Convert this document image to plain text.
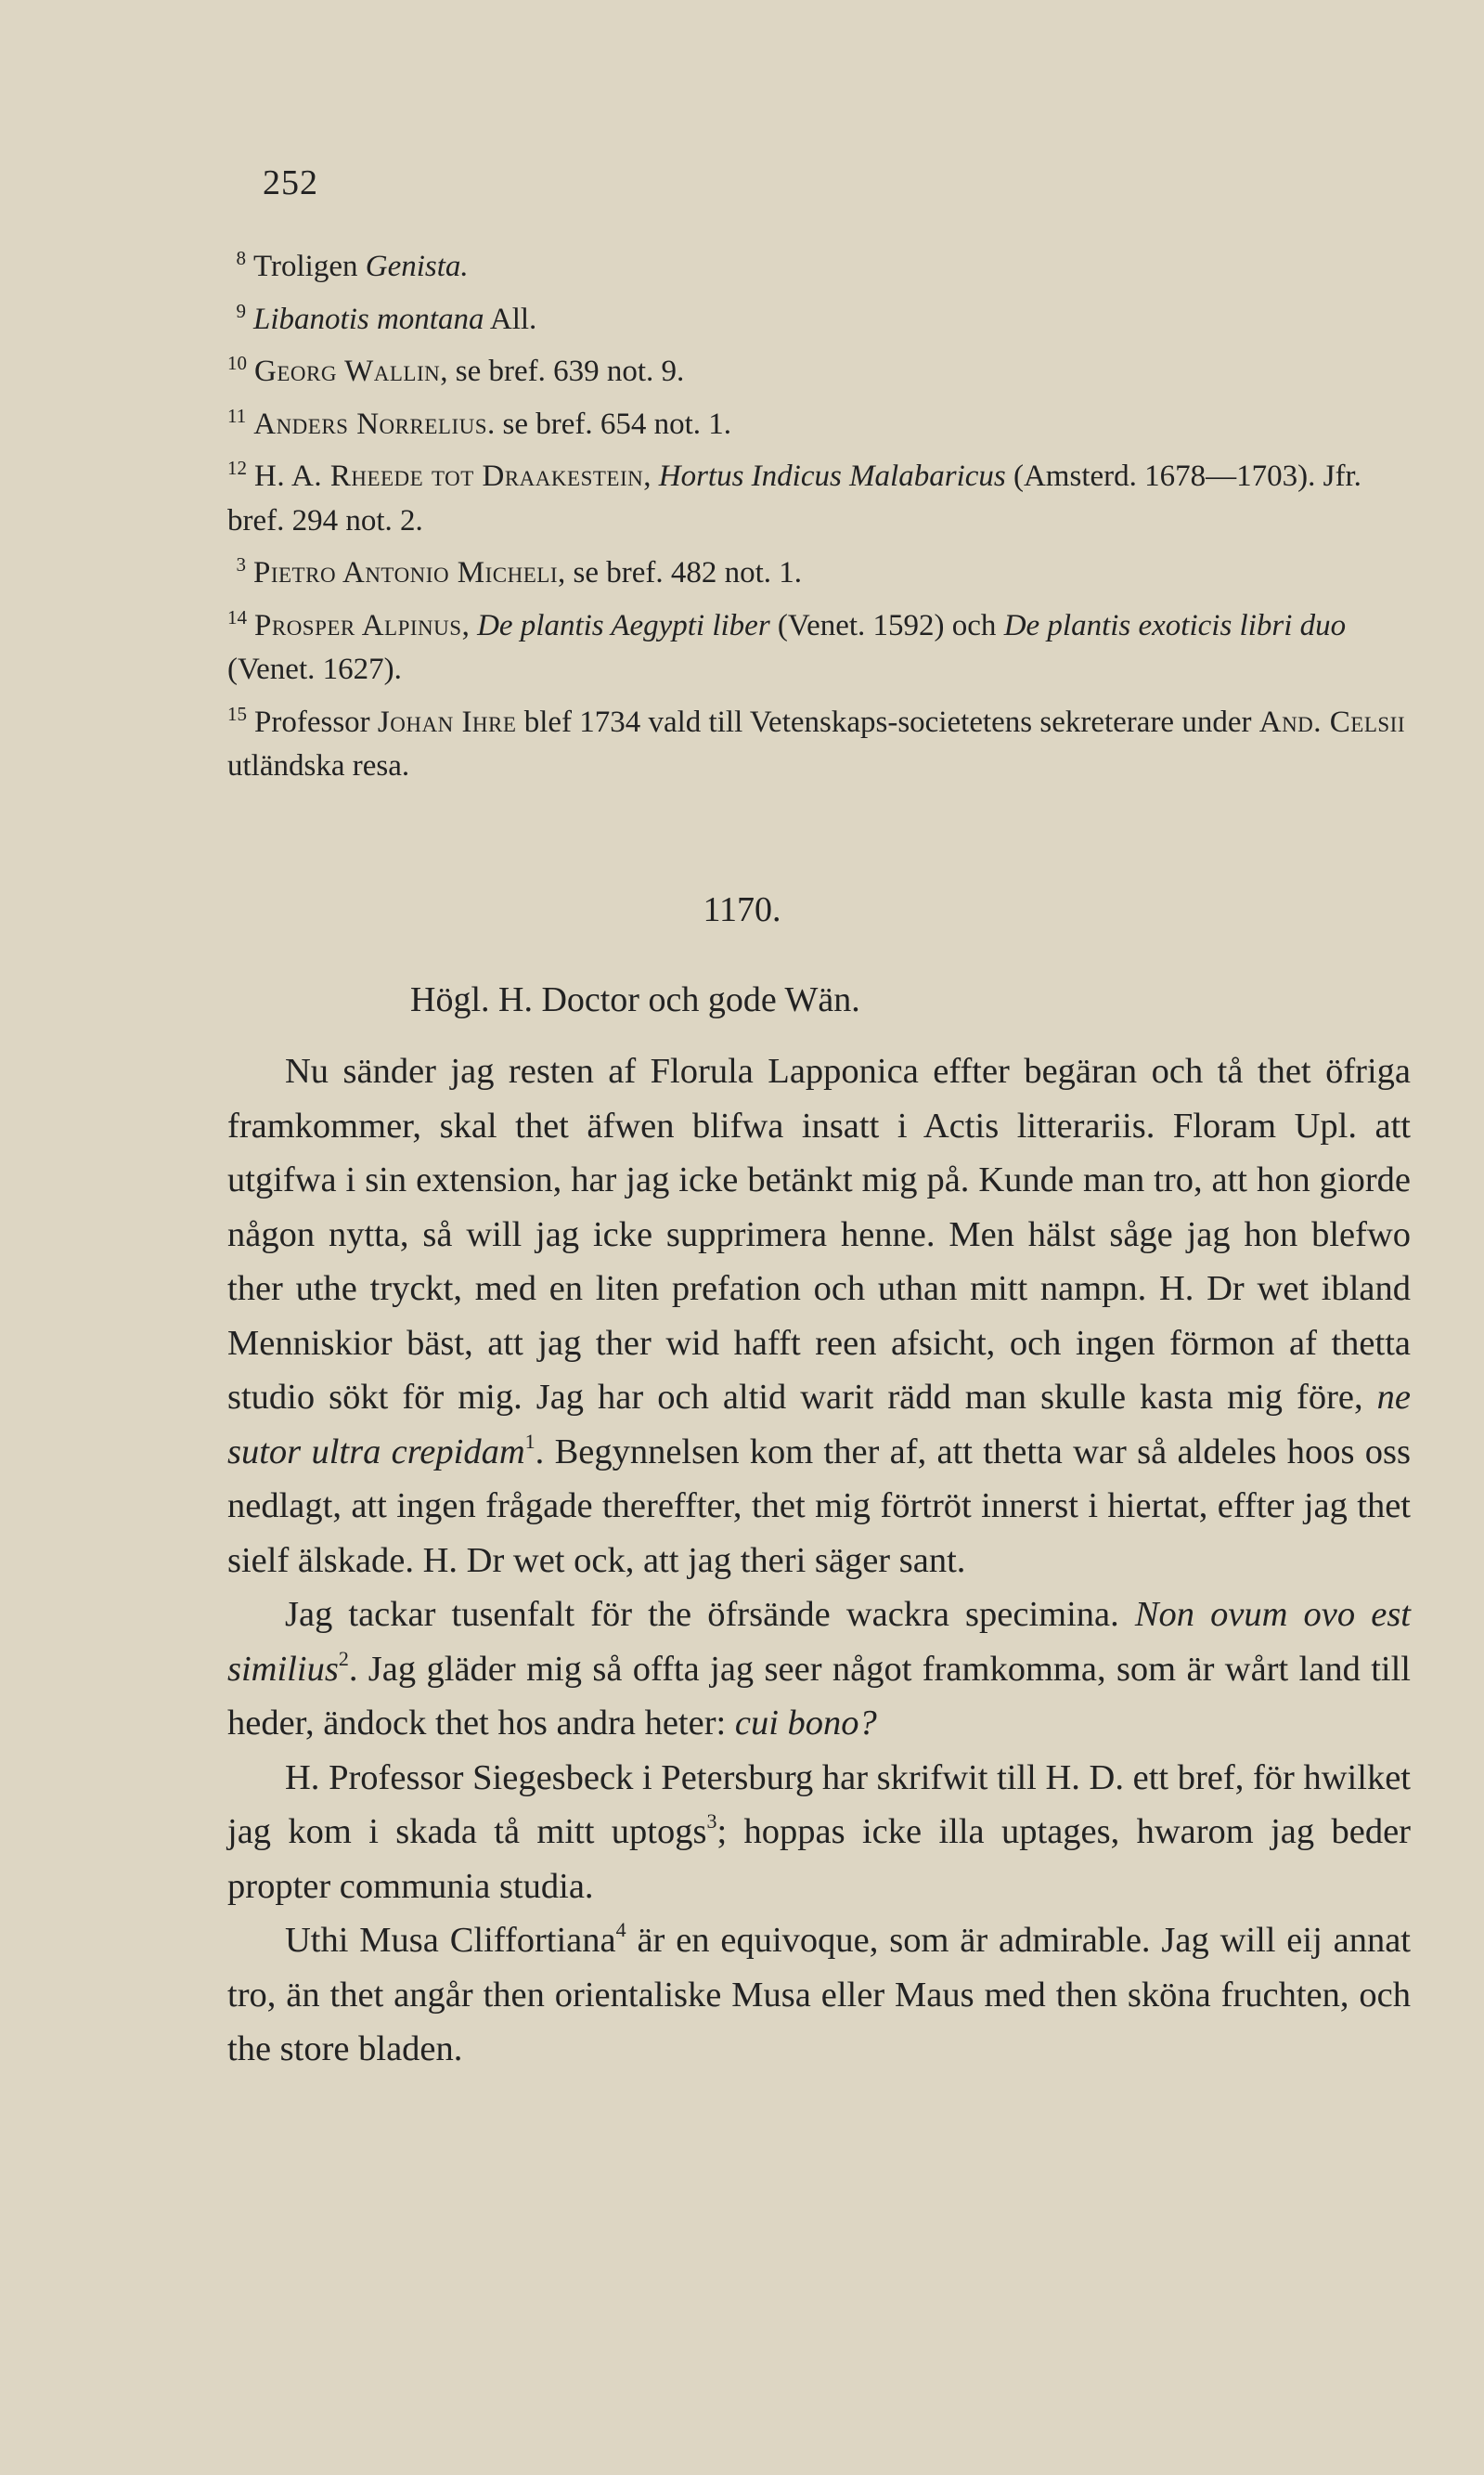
252

8 Troligen Genista.

9 Libanotis montana All.

10 Georg Wallin, se bref. 639 not. 9.

11 Anders Norrelius. se bref. 654 not. 1.

12 H. A. Rheede tot Draakestein, Hortus Indicus Malabaricus (Amsterd. 1678—1703). Jfr. bref. 294 not. 2.

3 Pietro Antonio Micheli, se bref. 482 not. 1.

14 Prosper Alpinus, De plantis Aegypti liber (Venet. 1592) och De plantis exoticis libri duo (Venet. 1627).

15 Professor Johan Ihre blef 1734 vald till Vetenskaps-societetens sekreterare under And. Celsii utländska resa.

1170.
Högl. H. Doctor och gode Wän.

Nu sänder jag resten af Florula Lapponica effter begäran och tå thet öfriga framkommer, skal thet äfwen blifwa insatt i Actis litterariis. Floram Upl. att utgifwa i sin extension, har jag icke betänkt mig på. Kunde man tro, att hon giorde någon nytta, så will jag icke supprimera henne. Men hälst såge jag hon blefwo ther uthe tryckt, med en liten prefation och uthan mitt nampn. H. Dr wet ibland Menniskior bäst, att jag ther wid hafft reen afsicht, och ingen förmon af thetta studio sökt för mig. Jag har och altid warit rädd man skulle kasta mig före, ne sutor ultra crepidam$^1$. Begynnelsen kom ther af, att thetta war så aldeles hoos oss nedlagt, att ingen frågade thereffter, thet mig förtröt innerst i hiertat, effter jag thet sielf älskade. H. Dr wet ock, att jag theri säger sant.

Jag tackar tusenfalt för the öfrsände wackra specimina. Non ovum ovo est similius$^2$. Jag gläder mig så offta jag seer något framkomma, som är wårt land till heder, ändock thet hos andra heter: cui bono?

H. Professor Siegesbeck i Petersburg har skrifwit till H. D. ett bref, för hwilket jag kom i skada tå mitt uptogs$^3$; hoppas icke illa uptages, hwarom jag beder propter communia studia.

Uthi Musa Cliffortiana$^4$ är en equivoque, som är admirable. Jag will eij annat tro, än thet angår then orientaliske Musa eller Maus med then sköna fruchten, och the store bladen.
